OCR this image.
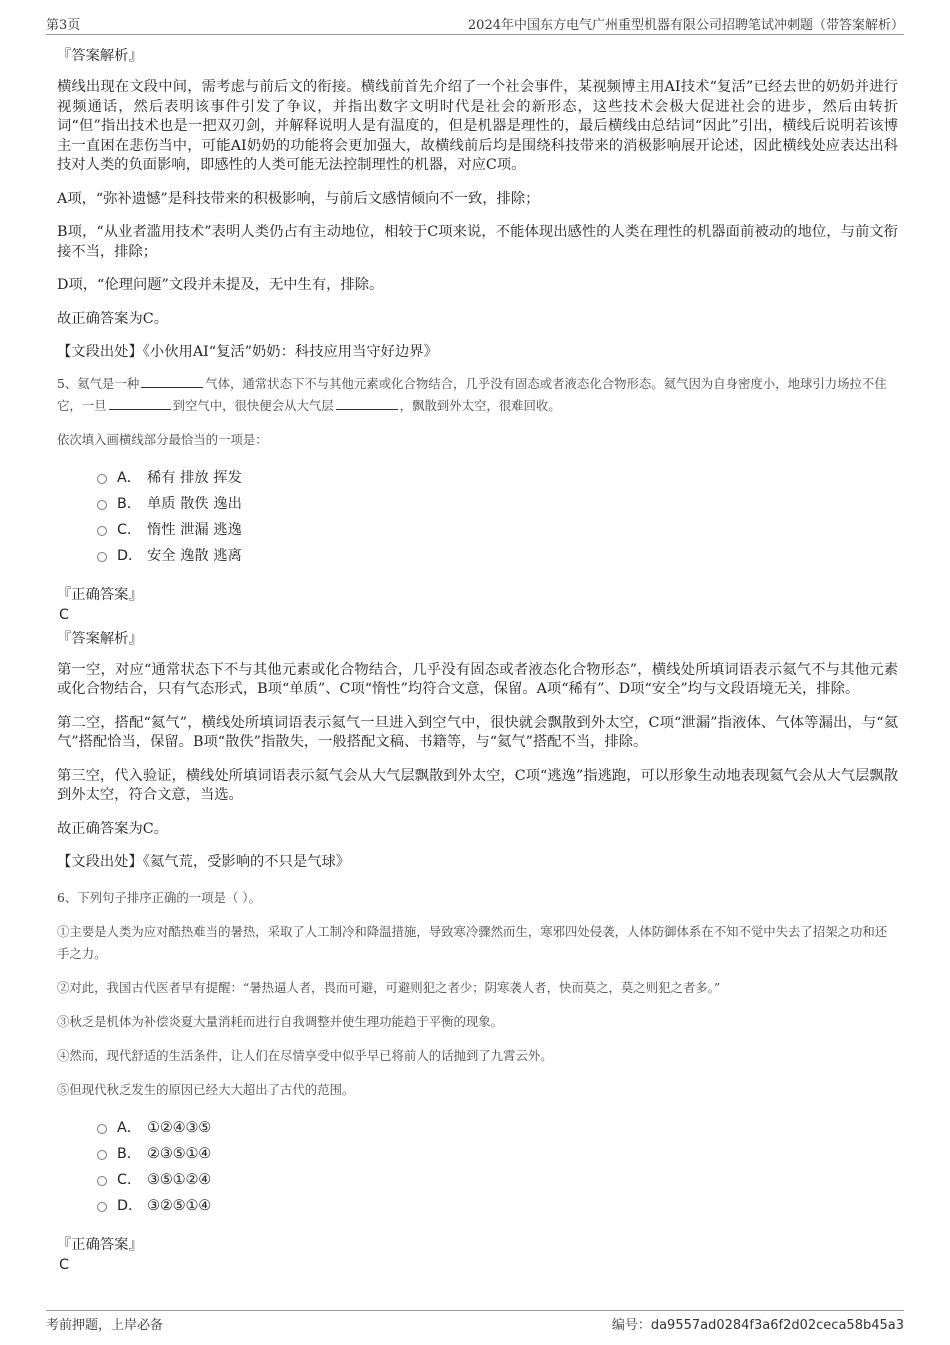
第3页	2024年中国东方电气广州重型机器有限公司招聘笔试冲刺题（带答案解析）

『答案解析』

横线出现在文段中间，需考虑与前后文的衔接。横线前首先介绍了一个社会事件，某视频博主用AI技术“复活”已经去世的奶奶并进行视频通话，然后表明该事件引发了争议，并指出数字文明时代是社会的新形态，这些技术会极大促进社会的进步，然后由转折词“但”指出技术也是一把双刃剑，并解释说明人是有温度的，但是机器是理性的，最后横线由总结词“因此”引出，横线后说明若该博主一直困在悲伤当中，可能AI奶奶的功能将会更加强大，故横线前后均是围绕科技带来的消极影响展开论述，因此横线处应表达出科技对人类的负面影响，即感性的人类可能无法控制理性的机器，对应C项。

A项，“弥补遗憾”是科技带来的积极影响，与前后文感情倾向不一致，排除；

B项，“从业者滥用技术”表明人类仍占有主动地位，相较于C项来说，不能体现出感性的人类在理性的机器面前被动的地位，与前文衔接不当，排除；

D项，“伦理问题”文段并未提及，无中生有，排除。

故正确答案为C。

【文段出处】《小伙用AI“复活”奶奶：科技应用当守好边界》

5、氦气是一种	气体，通常状态下不与其他元素或化合物结合，几乎没有固态或者液态化合物形态。氦气因为自身密度小，地球引力场拉不住它，一旦	到空气中，很快便会从大气层	，飘散到外太空，很难回收。

依次填入画横线部分最恰当的一项是：

A． 稀有 排放 挥发
B． 单质 散佚 逸出
C． 惰性 泄漏 逃逸
D． 安全 逸散 逃离

『正确答案』

C

『答案解析』

第一空，对应“通常状态下不与其他元素或化合物结合，几乎没有固态或者液态化合物形态”，横线处所填词语表示氦气不与其他元素或化合物结合，只有气态形式，B项“单质”、C项“惰性”均符合文意，保留。A项“稀有”、D项“安全”均与文段语境无关，排除。

第二空，搭配“氦气”，横线处所填词语表示氦气一旦进入到空气中，很快就会飘散到外太空，C项“泄漏”指液体、气体等漏出，与“氦气”搭配恰当，保留。B项“散佚”指散失，一般搭配文稿、书籍等，与“氦气”搭配不当，排除。

第三空，代入验证，横线处所填词语表示氦气会从大气层飘散到外太空，C项“逃逸”指逃跑，可以形象生动地表现氦气会从大气层飘散到外太空，符合文意，当选。

故正确答案为C。

【文段出处】《氦气荒，受影响的不只是气球》

6、下列句子排序正确的一项是（ ）。

①主要是人类为应对酷热难当的暑热，采取了人工制冷和降温措施，导致寒冷骤然而生，寒邪四处侵袭，人体防御体系在不知不觉中失去了招架之功和还手之力。

②对此，我国古代医者早有提醒：“暑热逼人者，畏而可避，可避则犯之者少；阴寒袭人者，快而莫之，莫之则犯之者多。”

③秋乏是机体为补偿炎夏大量消耗而进行自我调整并使生理功能趋于平衡的现象。

④然而，现代舒适的生活条件，让人们在尽情享受中似乎早已将前人的话抛到了九霄云外。

⑤但现代秋乏发生的原因已经大大超出了古代的范围。

A． ①②④③⑤
B． ②③⑤①④
C． ③⑤①②④
D． ③②⑤①④

『正确答案』

C

考前押题，上岸必备	编号：da9557ad0284f3a6f2d02ceca58b45a3
